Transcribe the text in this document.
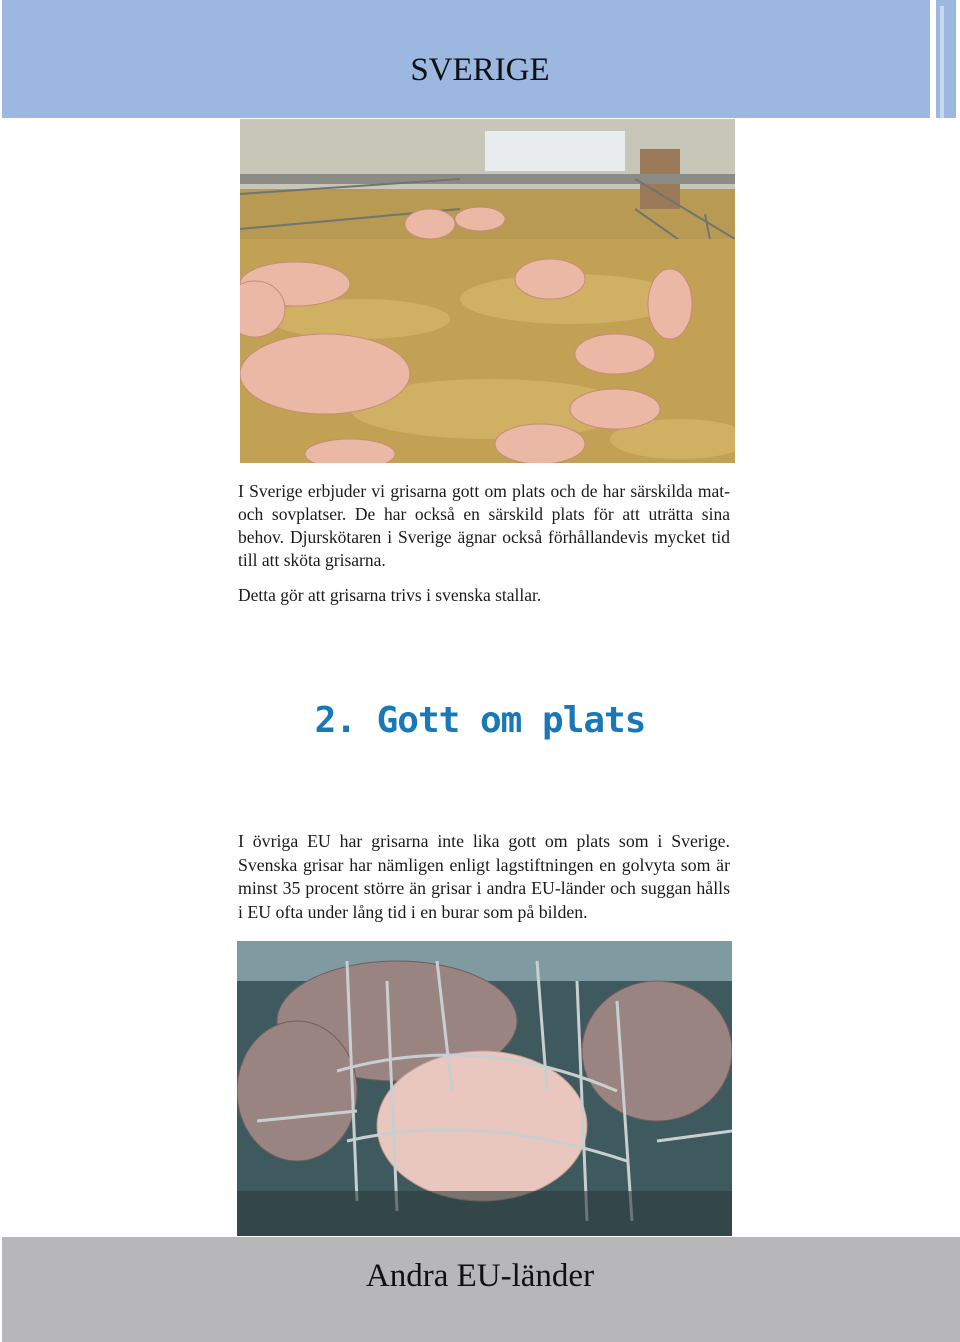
SVERIGE
I Sverige erbjuder vi grisarna gott om plats och de har särskilda mat- och sovplatser. De har också en särskild plats för att uträtta sina behov. Djurskötaren i Sverige ägnar också förhållandevis mycket tid till att sköta grisarna.
Detta gör att grisarna trivs i svenska stallar.
2. Gott om plats
I övriga EU har grisarna inte lika gott om plats som i Sverige. Svenska grisar har nämligen enligt lagstiftningen en golvyta som är minst 35 procent större än grisar i andra EU-länder och suggan hålls i EU ofta under lång tid i en burar som på bilden.
Andra EU-länder
